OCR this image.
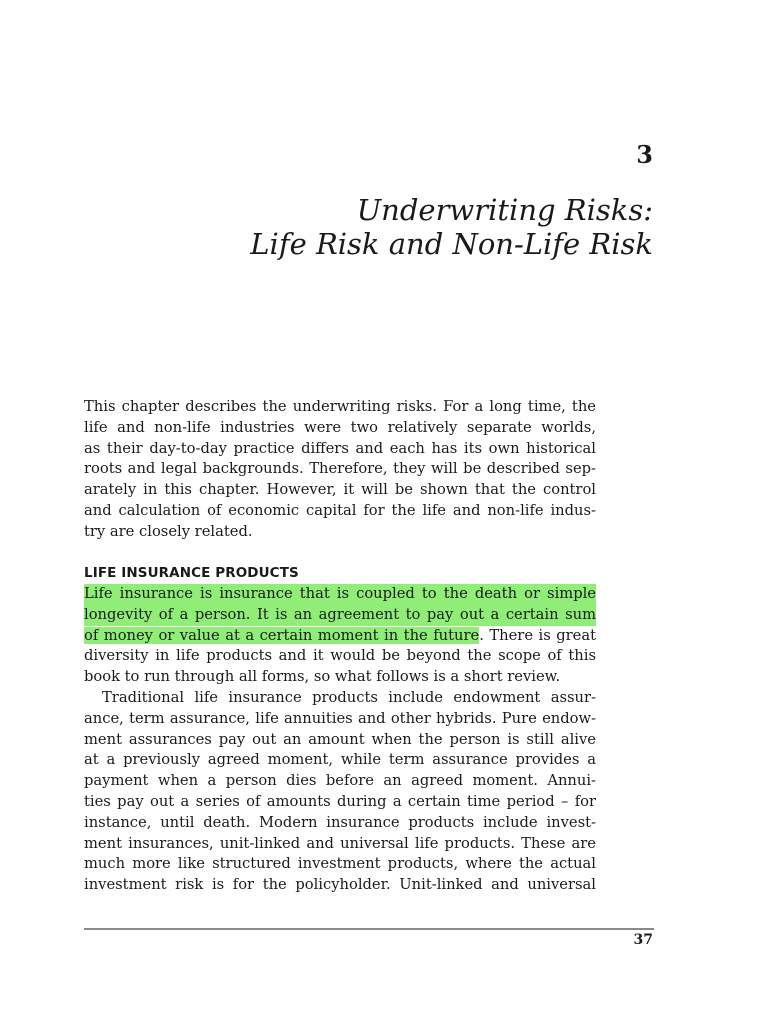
3
Underwriting Risks:
Life Risk and Non-Life Risk
This chapter describes the underwriting risks. For a long time, the
life and non-life industries were two relatively separate worlds,
as their day-to-day practice differs and each has its own historical
roots and legal backgrounds. Therefore, they will be described sep-
arately in this chapter. However, it will be shown that the control
and calculation of economic capital for the life and non-life indus-
try are closely related.
LIFE INSURANCE PRODUCTS
Life insurance is insurance that is coupled to the death or simple
longevity of a person. It is an agreement to pay out a certain sum
of money or value at a certain moment in the future. There is great
diversity in life products and it would be beyond the scope of this
book to run through all forms, so what follows is a short review.
Traditional life insurance products include endowment assur-
ance, term assurance, life annuities and other hybrids. Pure endow-
ment assurances pay out an amount when the person is still alive
at a previously agreed moment, while term assurance provides a
payment when a person dies before an agreed moment. Annui-
ties pay out a series of amounts during a certain time period – for
instance, until death. Modern insurance products include invest-
ment insurances, unit-linked and universal life products. These are
much more like structured investment products, where the actual
investment risk is for the policyholder. Unit-linked and universal
37
